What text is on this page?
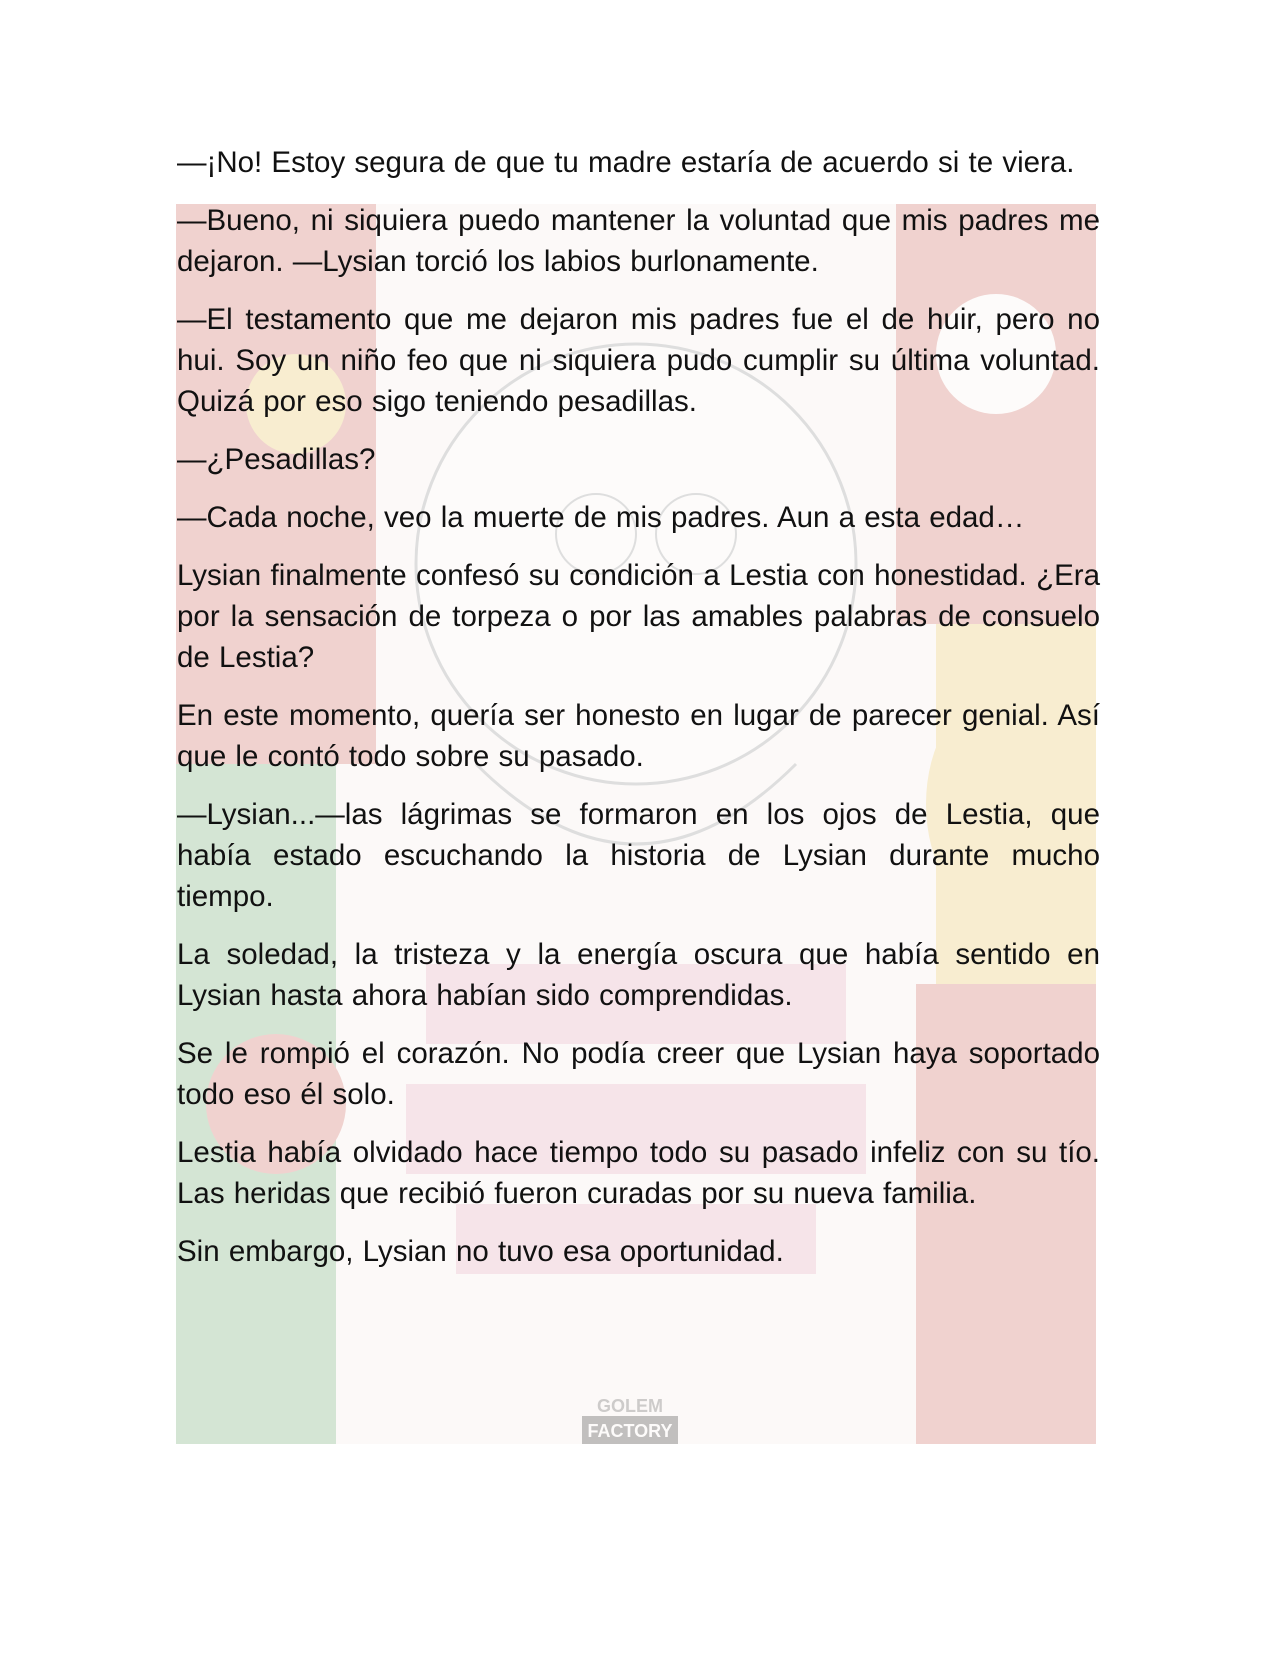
GOLEM
FACTORY

—¡No! Estoy segura de que tu madre estaría de acuerdo si te viera.

—Bueno, ni siquiera puedo mantener la voluntad que mis padres me dejaron. —Lysian torció los labios burlonamente.

—El testamento que me dejaron mis padres fue el de huir, pero no hui. Soy un niño feo que ni siquiera pudo cumplir su última voluntad. Quizá por eso sigo teniendo pesadillas.

—¿Pesadillas?

—Cada noche, veo la muerte de mis padres. Aun a esta edad…

Lysian finalmente confesó su condición a Lestia con honestidad. ¿Era por la sensación de torpeza o por las amables palabras de consuelo de Lestia?

En este momento, quería ser honesto en lugar de parecer genial. Así que le contó todo sobre su pasado.

—Lysian...—las lágrimas se formaron en los ojos de Lestia, que había estado escuchando la historia de Lysian durante mucho tiempo.

La soledad, la tristeza y la energía oscura que había sentido en Lysian hasta ahora habían sido comprendidas.

Se le rompió el corazón. No podía creer que Lysian haya soportado todo eso él solo.

Lestia había olvidado hace tiempo todo su pasado infeliz con su tío. Las heridas que recibió fueron curadas por su nueva familia.

Sin embargo, Lysian no tuvo esa oportunidad.
